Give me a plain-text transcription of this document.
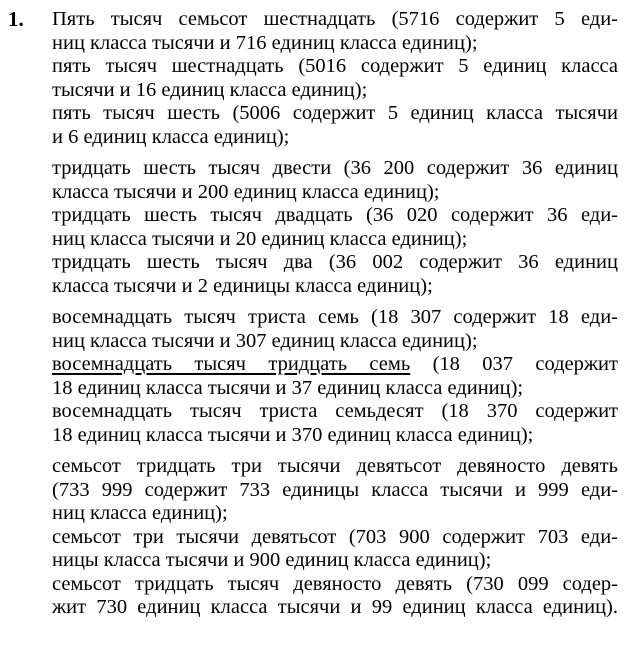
1. Пять тысяч семьсот шестнадцать (5716 содержит 5 еди-
ниц класса тысячи и 716 единиц класса единиц);

пять тысяч шестнадцать (5016 содержит 5 единиц класса
тысячи и 16 единиц класса единиц);

пять тысяч шесть (5006 содержит 5 единиц класса тысячи
и 6 единиц класса единиц);

тридцать шесть тысяч двести (36 200 содержит 36 единиц
класса тысячи и 200 единиц класса единиц);

тридцать шесть тысяч двадцать (36 020 содержит 36 еди-
ниц класса тысячи и 20 единиц класса единиц);

тридцать шесть тысяч два (36 002 содержит 36 единиц
класса тысячи и 2 единицы класса единиц);

восемнадцать тысяч триста семь (18 307 содержит 18 еди-
ниц класса тысячи и 307 единиц класса единиц);

восемнадцать тысяч тридцать семь (18 037 содержит
18 единиц класса тысячи и 37 единиц класса единиц);

восемнадцать тысяч триста семьдесят (18 370 содержит
18 единиц класса тысячи и 370 единиц класса единиц);

семьсот тридцать три тысячи девятьсот девяносто девять
(733 999 содержит 733 единицы класса тысячи и 999 еди-
ниц класса единиц);

семьсот три тысячи девятьсот (703 900 содержит 703 еди-
ницы класса тысячи и 900 единиц класса единиц);

семьсот тридцать тысяч девяносто девять (730 099 содер-
жит 730 единиц класса тысячи и 99 единиц класса единиц).
